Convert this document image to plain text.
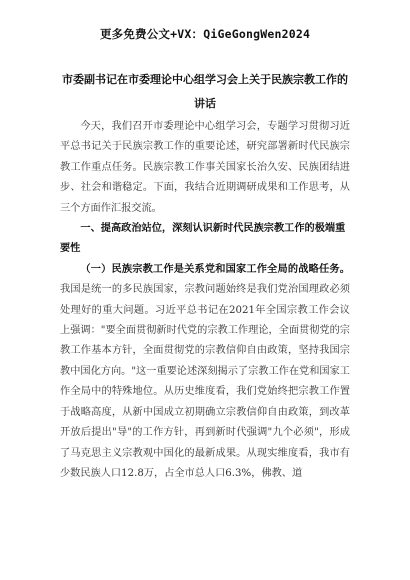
更多免费公文+VX：QiGeGongWen2024
市委副书记在市委理论中心组学习会上关于民族宗教工作的讲话

今天，我们召开市委理论中心组学习会，专题学习贯彻习近平总书记关于民族宗教工作的重要论述，研究部署新时代民族宗教工作重点任务。民族宗教工作事关国家长治久安、民族团结进步、社会和谐稳定。下面，我结合近期调研成果和工作思考，从三个方面作汇报交流。

一、提高政治站位，深刻认识新时代民族宗教工作的极端重要性

（一）民族宗教工作是关系党和国家工作全局的战略任务。我国是统一的多民族国家，宗教问题始终是我们党治国理政必须处理好的重大问题。习近平总书记在2021年全国宗教工作会议上强调："要全面贯彻新时代党的宗教工作理论，全面贯彻党的宗教工作基本方针，全面贯彻党的宗教信仰自由政策，坚持我国宗教中国化方向。"这一重要论述深刻揭示了宗教工作在党和国家工作全局中的特殊地位。从历史维度看，我们党始终把宗教工作置于战略高度，从新中国成立初期确立宗教信仰自由政策，到改革开放后提出"导"的工作方针，再到新时代强调"九个必须"，形成了马克思主义宗教观中国化的最新成果。从现实维度看，我市有少数民族人口12.8万，占全市总人口6.3%，佛教、道
